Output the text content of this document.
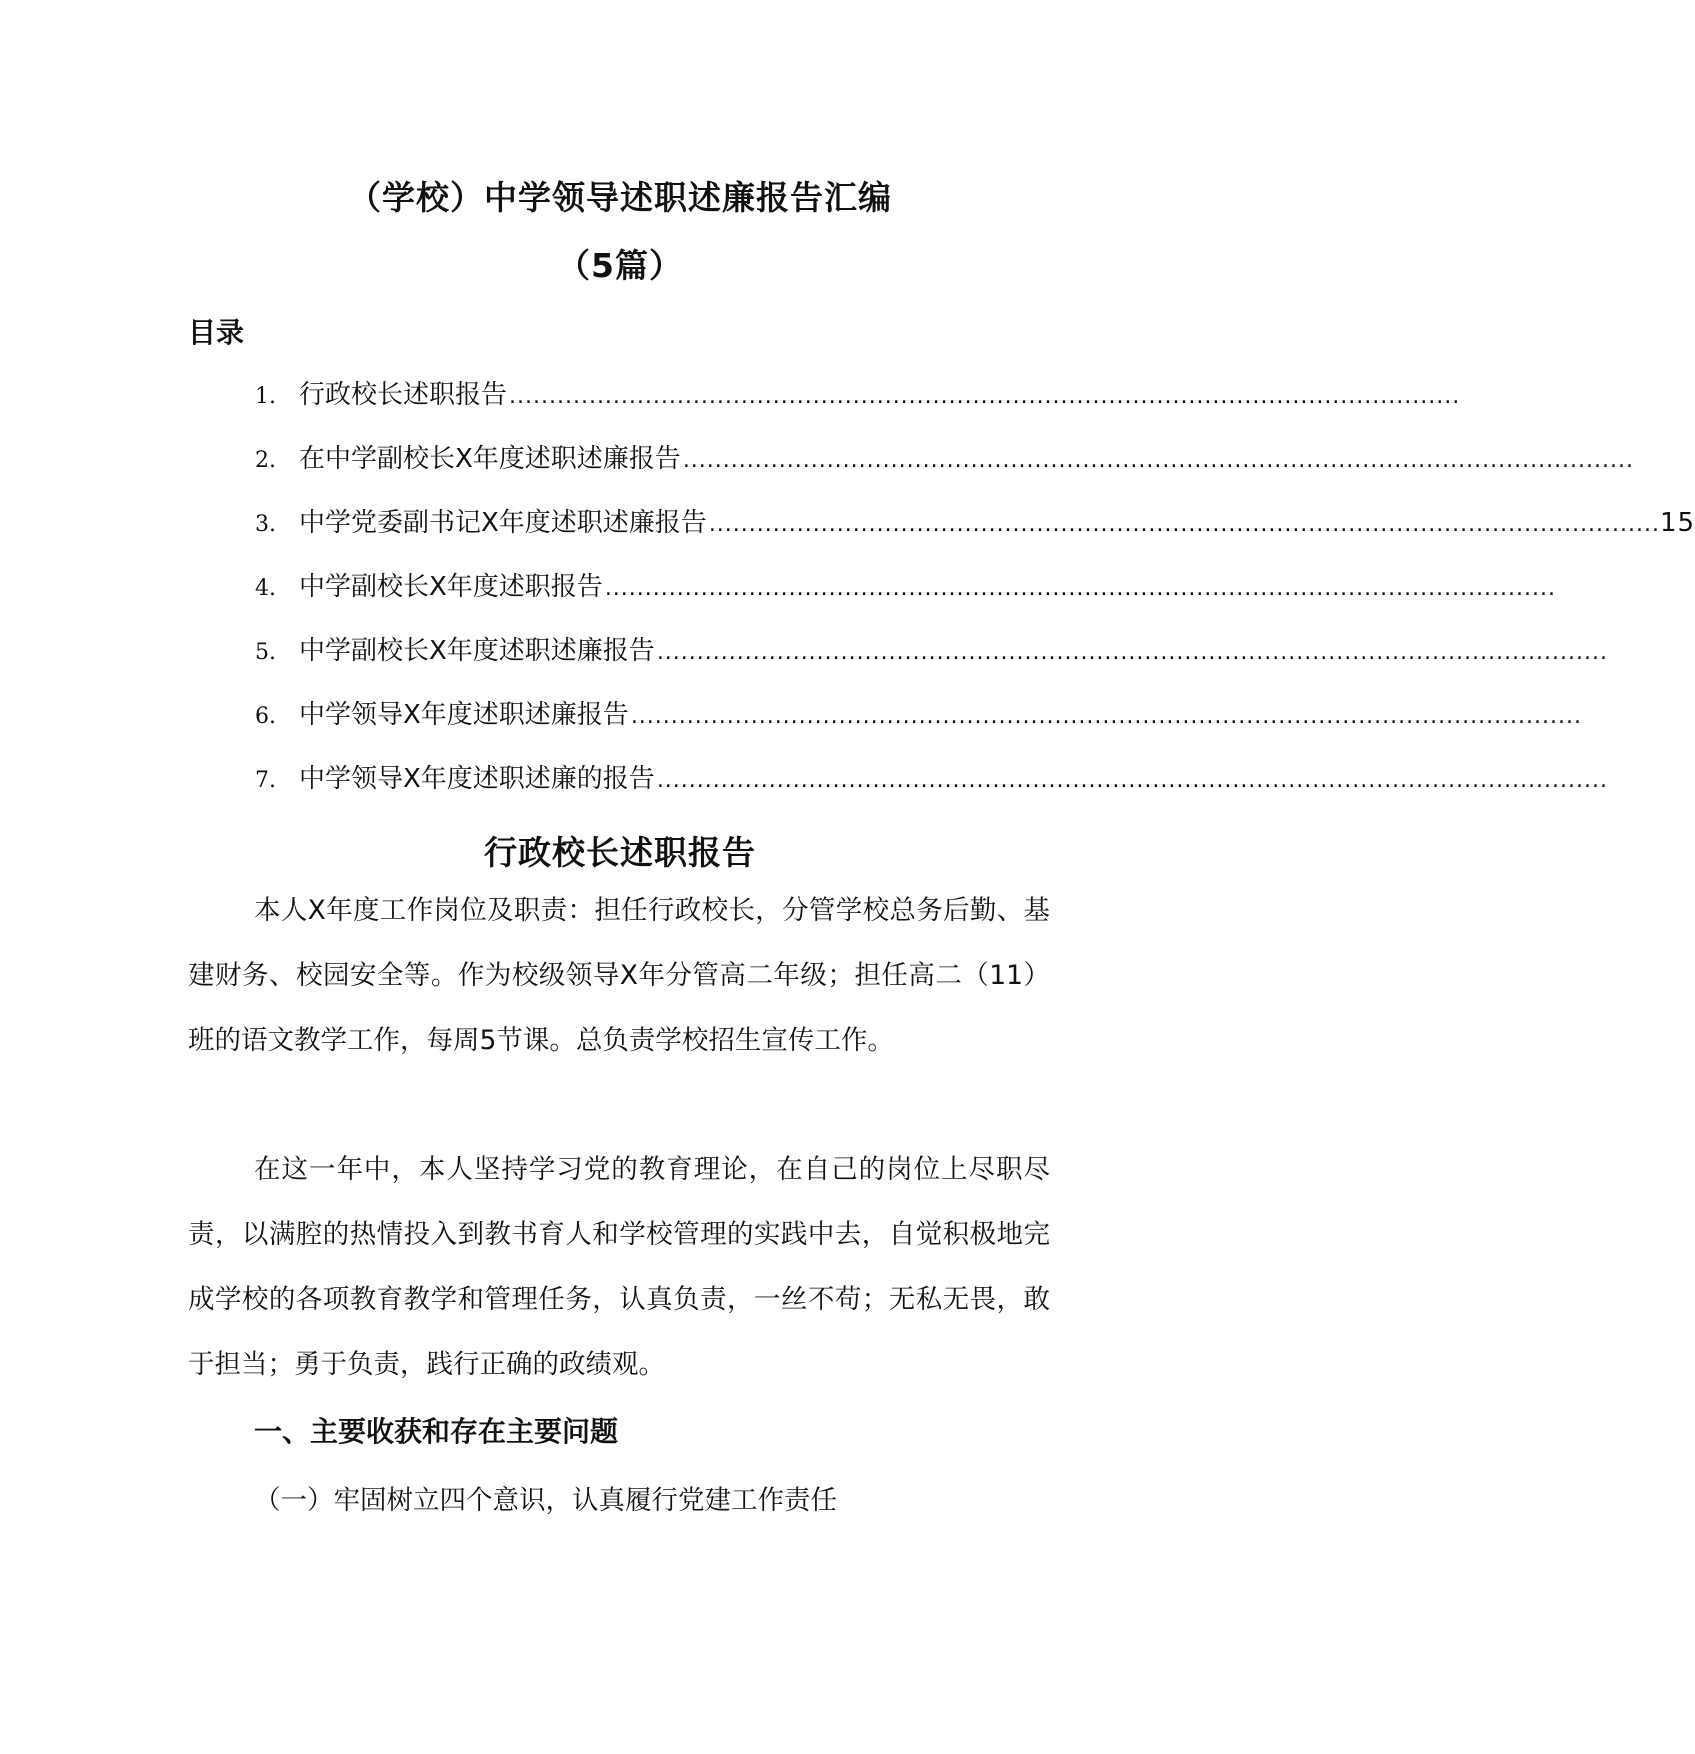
（学校）中学领导述职述廉报告汇编
（5篇）
目录
1. 行政校长述职报告 .......................................................................................................................
2. 在中学副校长X年度述职述廉报告 .......................................................................................................................
3. 中学党委副书记X年度述职述廉报告 ....................................................................................................................... 15
4. 中学副校长X年度述职报告 .......................................................................................................................
5. 中学副校长X年度述职述廉报告 .......................................................................................................................
6. 中学领导X年度述职述廉报告 .......................................................................................................................
7. 中学领导X年度述职述廉的报告 .......................................................................................................................
行政校长述职报告

本人X年度工作岗位及职责：担任行政校长，分管学校总务后勤、基建财务、校园安全等。作为校级领导X年分管高二年级；担任高二（11）班的语文教学工作，每周5节课。总负责学校招生宣传工作。

在这一年中，本人坚持学习党的教育理论，在自己的岗位上尽职尽责，以满腔的热情投入到教书育人和学校管理的实践中去，自觉积极地完成学校的各项教育教学和管理任务，认真负责，一丝不苟；无私无畏，敢于担当；勇于负责，践行正确的政绩观。

一、主要收获和存在主要问题
（一）牢固树立四个意识，认真履行党建工作责任
